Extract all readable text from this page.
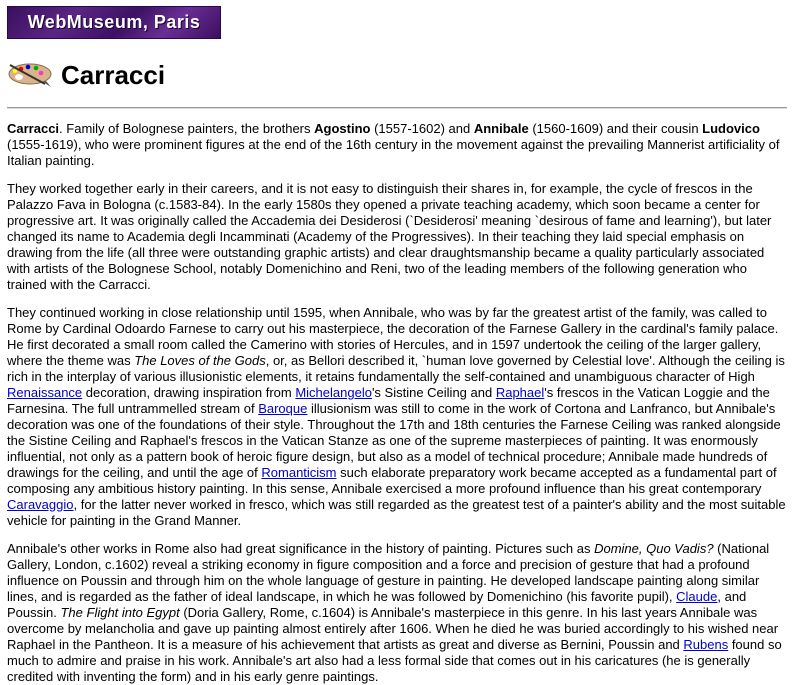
WebMuseum, Paris
Carracci

Carracci. Family of Bolognese painters, the brothers Agostino (1557-1602) and Annibale (1560-1609) and their cousin Ludovico (1555-1619), who were prominent figures at the end of the 16th century in the movement against the prevailing Mannerist artificiality of Italian painting.

They worked together early in their careers, and it is not easy to distinguish their shares in, for example, the cycle of frescos in the Palazzo Fava in Bologna (c.1583-84). In the early 1580s they opened a private teaching academy, which soon became a center for progressive art. It was originally called the Accademia dei Desiderosi (`Desiderosi' meaning `desirous of fame and learning'), but later changed its name to Academia degli Incamminati (Academy of the Progressives). In their teaching they laid special emphasis on drawing from the life (all three were outstanding graphic artists) and clear draughtsmanship became a quality particularly associated with artists of the Bolognese School, notably Domenichino and Reni, two of the leading members of the following generation who trained with the Carracci.

They continued working in close relationship until 1595, when Annibale, who was by far the greatest artist of the family, was called to Rome by Cardinal Odoardo Farnese to carry out his masterpiece, the decoration of the Farnese Gallery in the cardinal's family palace. He first decorated a small room called the Camerino with stories of Hercules, and in 1597 undertook the ceiling of the larger gallery, where the theme was The Loves of the Gods, or, as Bellori described it, `human love governed by Celestial love'. Although the ceiling is rich in the interplay of various illusionistic elements, it retains fundamentally the self-contained and unambiguous character of High Renaissance decoration, drawing inspiration from Michelangelo's Sistine Ceiling and Raphael's frescos in the Vatican Loggie and the Farnesina. The full untrammelled stream of Baroque illusionism was still to come in the work of Cortona and Lanfranco, but Annibale's decoration was one of the foundations of their style. Throughout the 17th and 18th centuries the Farnese Ceiling was ranked alongside the Sistine Ceiling and Raphael's frescos in the Vatican Stanze as one of the supreme masterpieces of painting. It was enormously influential, not only as a pattern book of heroic figure design, but also as a model of technical procedure; Annibale made hundreds of drawings for the ceiling, and until the age of Romanticism such elaborate preparatory work became accepted as a fundamental part of composing any ambitious history painting. In this sense, Annibale exercised a more profound influence than his great contemporary Caravaggio, for the latter never worked in fresco, which was still regarded as the greatest test of a painter's ability and the most suitable vehicle for painting in the Grand Manner.

Annibale's other works in Rome also had great significance in the history of painting. Pictures such as Domine, Quo Vadis? (National Gallery, London, c.1602) reveal a striking economy in figure composition and a force and precision of gesture that had a profound influence on Poussin and through him on the whole language of gesture in painting. He developed landscape painting along similar lines, and is regarded as the father of ideal landscape, in which he was followed by Domenichino (his favorite pupil), Claude, and Poussin. The Flight into Egypt (Doria Gallery, Rome, c.1604) is Annibale's masterpiece in this genre. In his last years Annibale was overcome by melancholia and gave up painting almost entirely after 1606. When he died he was buried accordingly to his wished near Raphael in the Pantheon. It is a measure of his achievement that artists as great and diverse as Bernini, Poussin and Rubens found so much to admire and praise in his work. Annibale's art also had a less formal side that comes out in his caricatures (he is generally credited with inventing the form) and in his early genre paintings.
